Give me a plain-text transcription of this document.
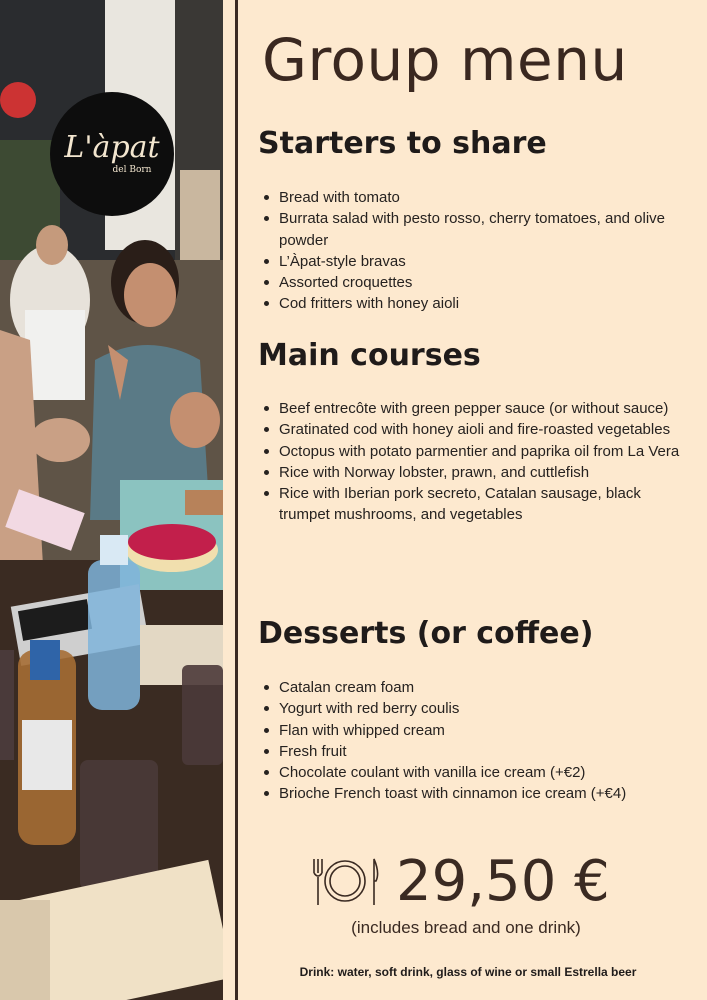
L'àpat
del Born
Group menu
Starters to share
Bread with tomato
Burrata salad with pesto rosso, cherry tomatoes, and olive powder
L’Àpat-style bravas
Assorted croquettes
Cod fritters with honey aioli
Main courses
Beef entrecôte with green pepper sauce (or without sauce)
Gratinated cod with honey aioli and fire-roasted vegetables
Octopus with potato parmentier and paprika oil from La Vera
Rice with Norway lobster, prawn, and cuttlefish
Rice with Iberian pork secreto, Catalan sausage, black trumpet mushrooms, and vegetables
Desserts (or coffee)
Catalan cream foam
Yogurt with red berry coulis
Flan with whipped cream
Fresh fruit
Chocolate coulant with vanilla ice cream (+€2)
Brioche French toast with cinnamon ice cream (+€4)
29,50 €
(includes bread and one drink)
Drink: water, soft drink, glass of wine or small Estrella beer
